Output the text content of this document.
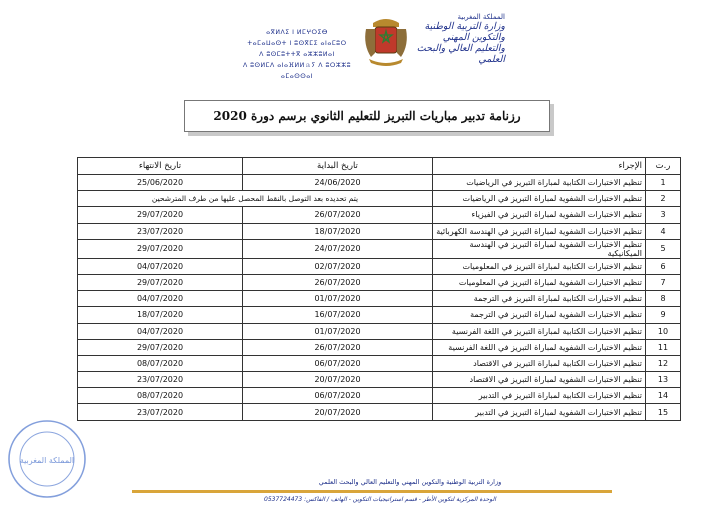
المملكة المغربية
وزارة التربية الوطنية
والتكوين المهني
والتعليم العالي والبحث العلمي
ⴰⴳⵍⴷⵉ ⵏ ⵍⵎⵖⵔⵉⴱ
ⵜⴰⵎⴰⵡⴰⵙⵜ ⵏ ⵓⵙⴳⵎⵉ ⴰⵏⴰⵎⵓⵔ
ⴷ ⵓⵙⵎⵓⵜⵜⴳ ⴰⵣⵣⵓⵍⴰⵏ
ⴷ ⵓⵙⵍⵎⴷ ⴰⵏⴰⴼⵍⵍａⵢ ⴷ ⵓⵔⵣⵣⵓ ⴰⵎⴰⵙⵙⴰⵏ
رزنامة تدبير مباريات التبريز للتعليم الثانوي برسم دورة 2020
ر.ت	الإجراء	تاريخ البداية	تاريخ الانتهاء
1	تنظيم الاختبارات الكتابية لمباراة التبريز في الرياضيات	24/06/2020	25/06/2020
2	تنظيم الاختبارات الشفوية لمباراة التبريز في الرياضيات	يتم تحديده بعد التوصل بالنقط المحصل عليها من طرف المترشحين	
3	تنظيم الاختبارات الشفوية لمباراة التبريز في الفيزياء	26/07/2020	29/07/2020
4	تنظيم الاختبارات الشفوية لمباراة التبريز في الهندسة الكهربائية	18/07/2020	23/07/2020
5	تنظيم الاختبارات الشفوية لمباراة التبريز في الهندسة الميكانيكية	24/07/2020	29/07/2020
6	تنظيم الاختبارات الكتابية لمباراة التبريز في المعلوميات	02/07/2020	04/07/2020
7	تنظيم الاختبارات الشفوية لمباراة التبريز في المعلوميات	26/07/2020	29/07/2020
8	تنظيم الاختبارات الكتابية لمباراة التبريز في الترجمة	01/07/2020	04/07/2020
9	تنظيم الاختبارات الشفوية لمباراة التبريز في الترجمة	16/07/2020	18/07/2020
10	تنظيم الاختبارات الكتابية لمباراة التبريز في اللغة الفرنسية	01/07/2020	04/07/2020
11	تنظيم الاختبارات الشفوية لمباراة التبريز في اللغة الفرنسية	26/07/2020	29/07/2020
12	تنظيم الاختبارات الكتابية لمباراة التبريز في الاقتصاد	06/07/2020	08/07/2020
13	تنظيم الاختبارات الشفوية لمباراة التبريز في الاقتصاد	20/07/2020	23/07/2020
14	تنظيم الاختبارات الكتابية لمباراة التبريز في التدبير	06/07/2020	08/07/2020
15	تنظيم الاختبارات الشفوية لمباراة التبريز في التدبير	20/07/2020	23/07/2020
المملكة المغربية
وزارة التربية الوطنية والتكوين المهني والتعليم العالي والبحث العلمي
الوحدة المركزية لتكوين الأطر - قسم استراتيجيات التكوين - الهاتف / الفاكس: 0537724473
